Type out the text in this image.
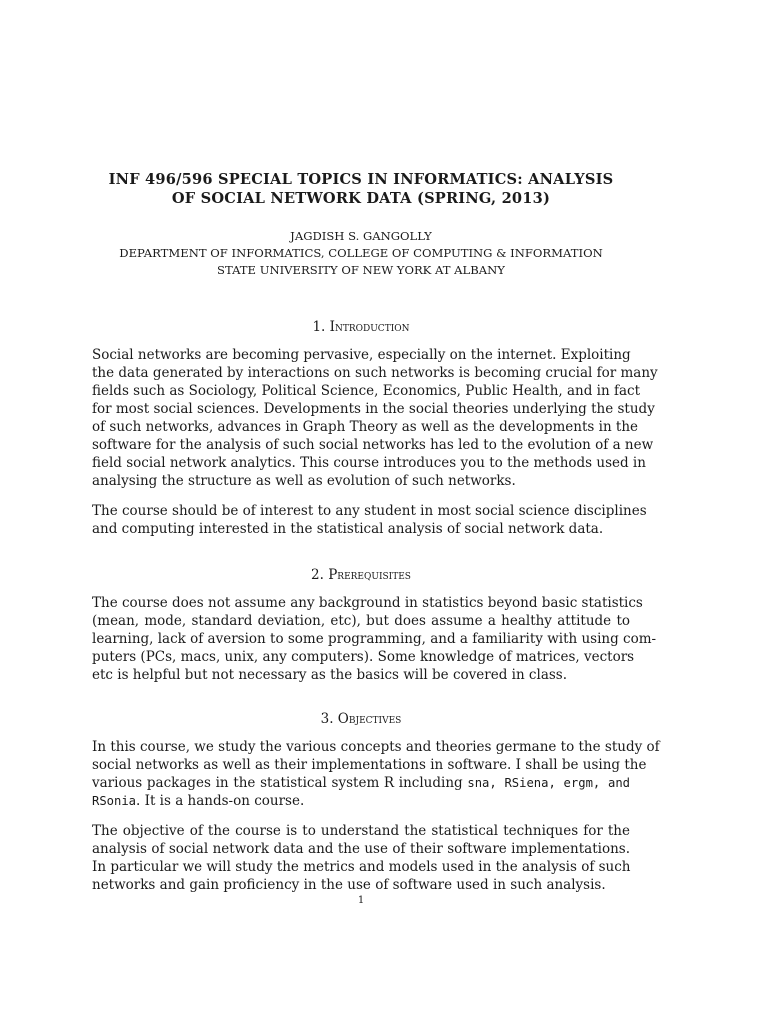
INF 496/596 SPECIAL TOPICS IN INFORMATICS: ANALYSIS
OF SOCIAL NETWORK DATA (SPRING, 2013)
JAGDISH S. GANGOLLY
DEPARTMENT OF INFORMATICS, COLLEGE OF COMPUTING & INFORMATION
STATE UNIVERSITY OF NEW YORK AT ALBANY
1. Introduction
Social networks are becoming pervasive, especially on the internet. Exploiting
the data generated by interactions on such networks is becoming crucial for many
fields such as Sociology, Political Science, Economics, Public Health, and in fact
for most social sciences. Developments in the social theories underlying the study
of such networks, advances in Graph Theory as well as the developments in the
software for the analysis of such social networks has led to the evolution of a new
field social network analytics. This course introduces you to the methods used in
analysing the structure as well as evolution of such networks.
The course should be of interest to any student in most social science disciplines
and computing interested in the statistical analysis of social network data.
2. Prerequisites
The course does not assume any background in statistics beyond basic statistics
(mean, mode, standard deviation, etc), but does assume a healthy attitude to
learning, lack of aversion to some programming, and a familiarity with using com-
puters (PCs, macs, unix, any computers). Some knowledge of matrices, vectors
etc is helpful but not necessary as the basics will be covered in class.
3. Objectives
In this course, we study the various concepts and theories germane to the study of
social networks as well as their implementations in software. I shall be using the
various packages in the statistical system R including sna, RSiena, ergm, and
RSonia. It is a hands-on course.
The objective of the course is to understand the statistical techniques for the
analysis of social network data and the use of their software implementations.
In particular we will study the metrics and models used in the analysis of such
networks and gain proficiency in the use of software used in such analysis.
1
